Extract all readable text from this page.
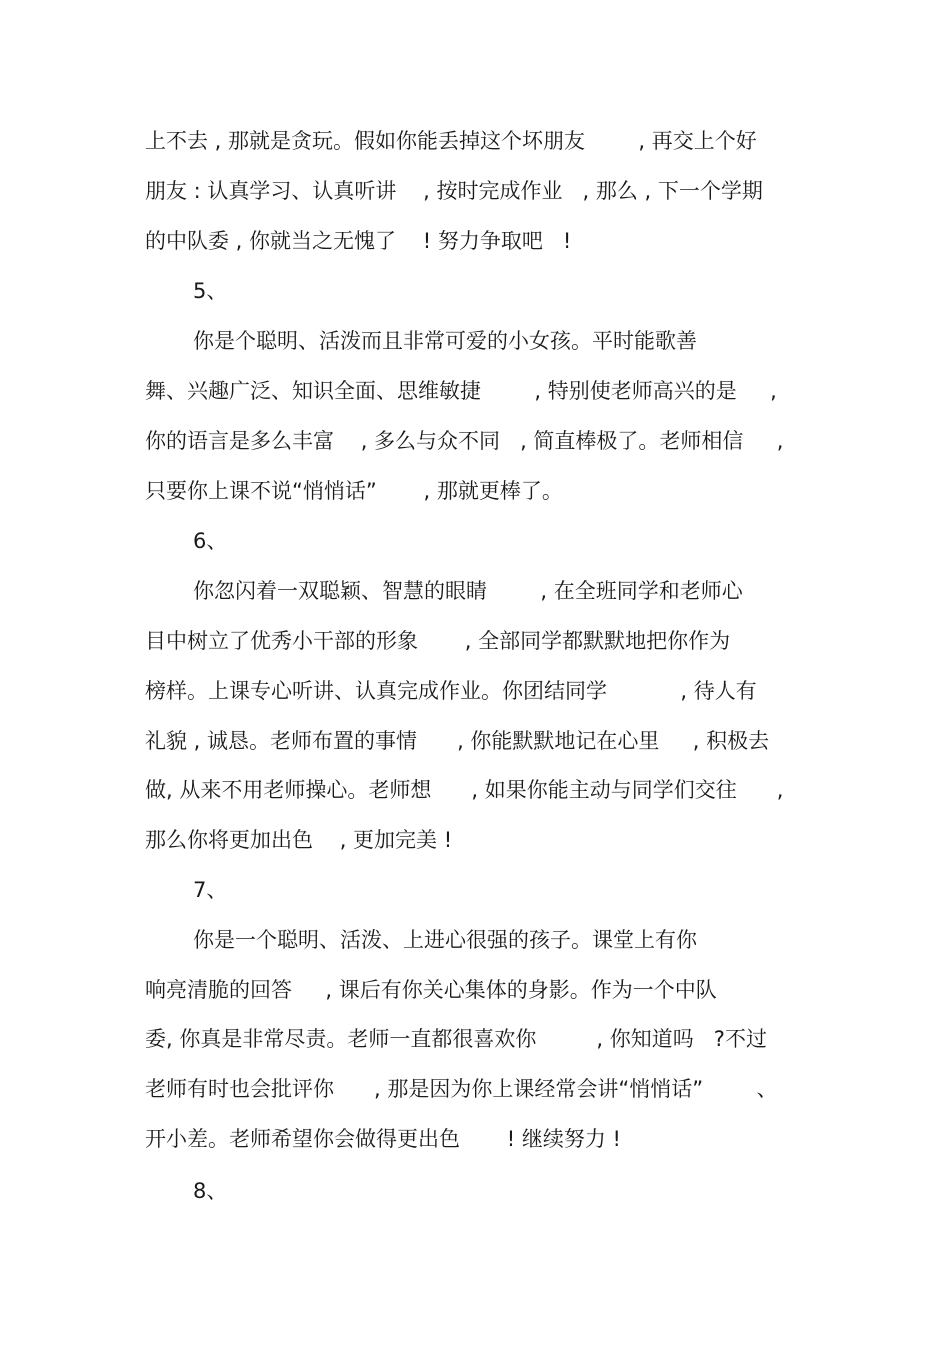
上不去 , 那就是贪玩。假如你能丢掉这个坏朋友        , 再交上个好
朋友 : 认真学习、认真听讲    , 按时完成作业   , 那么 , 下一个学期
的中队委 , 你就当之无愧了    ! 努力争取吧   !
5、
你是个聪明、活泼而且非常可爱的小女孩。平时能歌善
舞、兴趣广泛、知识全面、思维敏捷        , 特别使老师高兴的是     ,
你的语言是多么丰富    , 多么与众不同   , 简直棒极了。老师相信     ,
只要你上课不说“悄悄话”       , 那就更棒了。
6、
你忽闪着一双聪颖、智慧的眼睛        , 在全班同学和老师心
目中树立了优秀小干部的形象       , 全部同学都默默地把你作为
榜样。上课专心听讲、认真完成作业。你团结同学           , 待人有
礼貌 , 诚恳。老师布置的事情      , 你能默默地记在心里     , 积极去
做, 从来不用老师操心。老师想      , 如果你能主动与同学们交往      ,
那么你将更加出色    , 更加完美 !
7、
你是一个聪明、活泼、上进心很强的孩子。课堂上有你
响亮清脆的回答     , 课后有你关心集体的身影。作为一个中队
委, 你真是非常尽责。老师一直都很喜欢你         , 你知道吗   ?不过
老师有时也会批评你      , 那是因为你上课经常会讲“悄悄话”        、
开小差。老师希望你会做得更出色       ! 继续努力 !
8、
